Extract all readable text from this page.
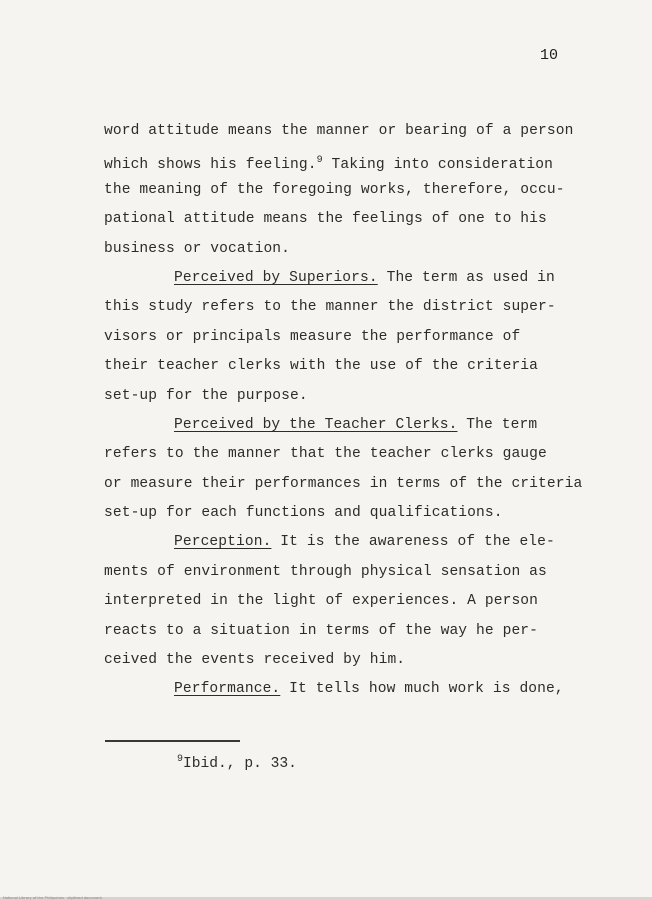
10
word attitude means the manner or bearing of a person
which shows his feeling.$^9$ Taking into consideration
the meaning of the foregoing works, therefore, occu-
pational attitude means the feelings of one to his
business or vocation.
Perceived by Superiors. The term as used in
this study refers to the manner the district super-
visors or principals measure the performance of
their teacher clerks with the use of the criteria
set-up for the purpose.
Perceived by the Teacher Clerks. The term
refers to the manner that the teacher clerks gauge
or measure their performances in terms of the criteria
set-up for each functions and qualifications.
Perception. It is the awareness of the ele-
ments of environment through physical sensation as
interpreted in the light of experiences. A person
reacts to a situation in terms of the way he per-
ceived the events received by him.
Performance. It tells how much work is done,
$^9$Ibid., p. 33.
National Library of the Philippines · digitized document
